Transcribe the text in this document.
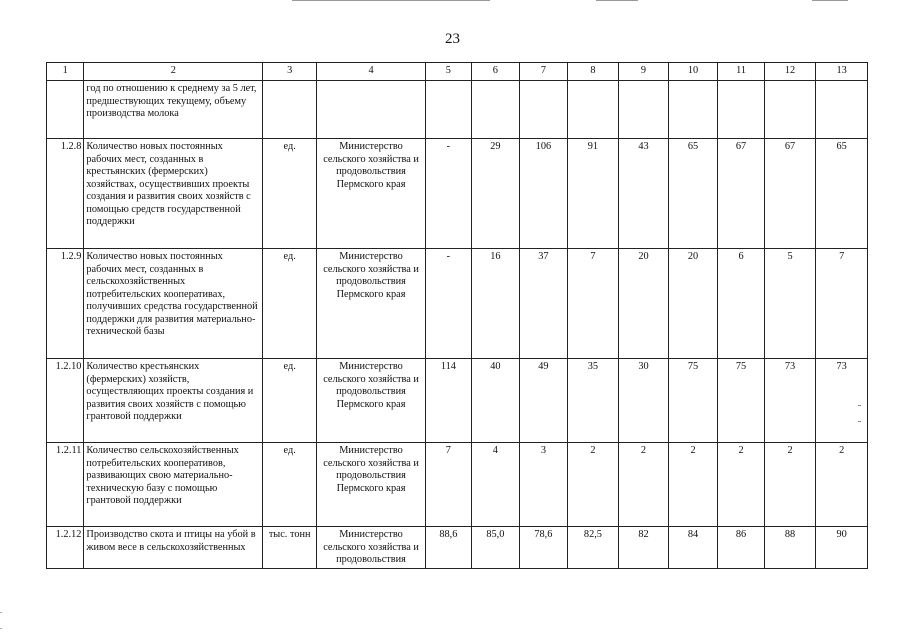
23
1	2	3	4	5	6	7	8	9	10	11	12	13
	год по отношению к среднему за 5 лет, предшествующих текущему, объему производства молока											
1.2.8	Количество новых постоянных рабочих мест, созданных в крестьянских (фермерских) хозяйствах, осуществивших проекты создания и развития своих хозяйств с помощью средств государственной поддержки	ед.	Министерство сельского хозяйства и продовольствия Пермского края	-	29	106	91	43	65	67	67	65
1.2.9	Количество новых постоянных рабочих мест, созданных в сельскохозяйственных потребительских кооперативах, получивших средства государственной поддержки для развития материально-технической базы	ед.	Министерство сельского хозяйства и продовольствия Пермского края	-	16	37	7	20	20	6	5	7
1.2.10	Количество крестьянских (фермерских) хозяйств, осуществляющих проекты создания и развития своих хозяйств с помощью грантовой поддержки	ед.	Министерство сельского хозяйства и продовольствия Пермского края	114	40	49	35	30	75	75	73	73
1.2.11	Количество сельскохозяйственных потребительских кооперативов, развивающих свою материально-техническую базу с помощью грантовой поддержки	ед.	Министерство сельского хозяйства и продовольствия Пермского края	7	4	3	2	2	2	2	2	2
1.2.12	Производство скота и птицы на убой в живом весе в сельскохозяйственных	тыс. тонн	Министерство сельского хозяйства и продовольствия	88,6	85,0	78,6	82,5	82	84	86	88	90
